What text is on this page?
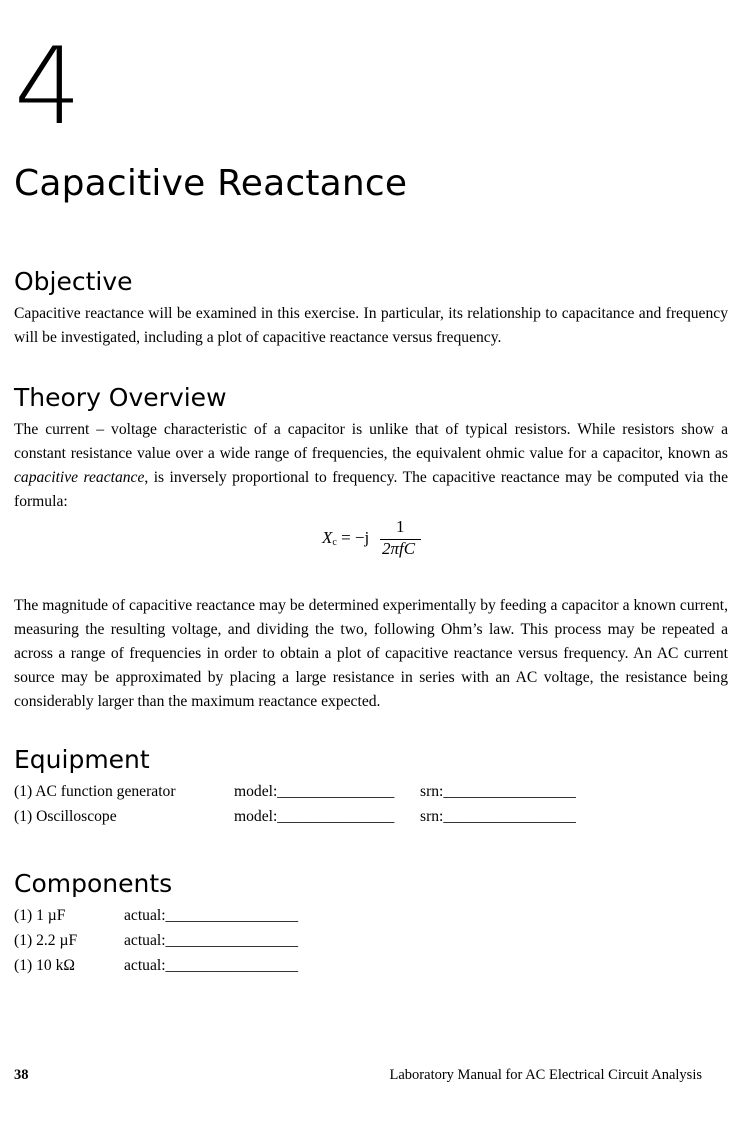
4
Capacitive Reactance
Objective
Capacitive reactance will be examined in this exercise. In particular, its relationship to capacitance and frequency will be investigated, including a plot of capacitive reactance versus frequency.
Theory Overview
The current – voltage characteristic of a capacitor is unlike that of typical resistors. While resistors show a constant resistance value over a wide range of frequencies, the equivalent ohmic value for a capacitor, known as capacitive reactance, is inversely proportional to frequency. The capacitive reactance may be computed via the formula:
$X_c = -j$
1
2πfC
The magnitude of capacitive reactance may be determined experimentally by feeding a capacitor a known current, measuring the resulting voltage, and dividing the two, following Ohm’s law. This process may be repeated a across a range of frequencies in order to obtain a plot of capacitive reactance versus frequency. An AC current source may be approximated by placing a large resistance in series with an AC voltage, the resistance being considerably larger than the maximum reactance expected.
Equipment
(1) AC function generator	model:_______________ srn:_________________
(1) Oscilloscope	model:_______________ srn:_________________
Components
(1) 1 µF	actual:_________________
(1) 2.2 µF	actual:_________________
(1) 10 kΩ	actual:_________________
38	Laboratory Manual for AC Electrical Circuit Analysis
